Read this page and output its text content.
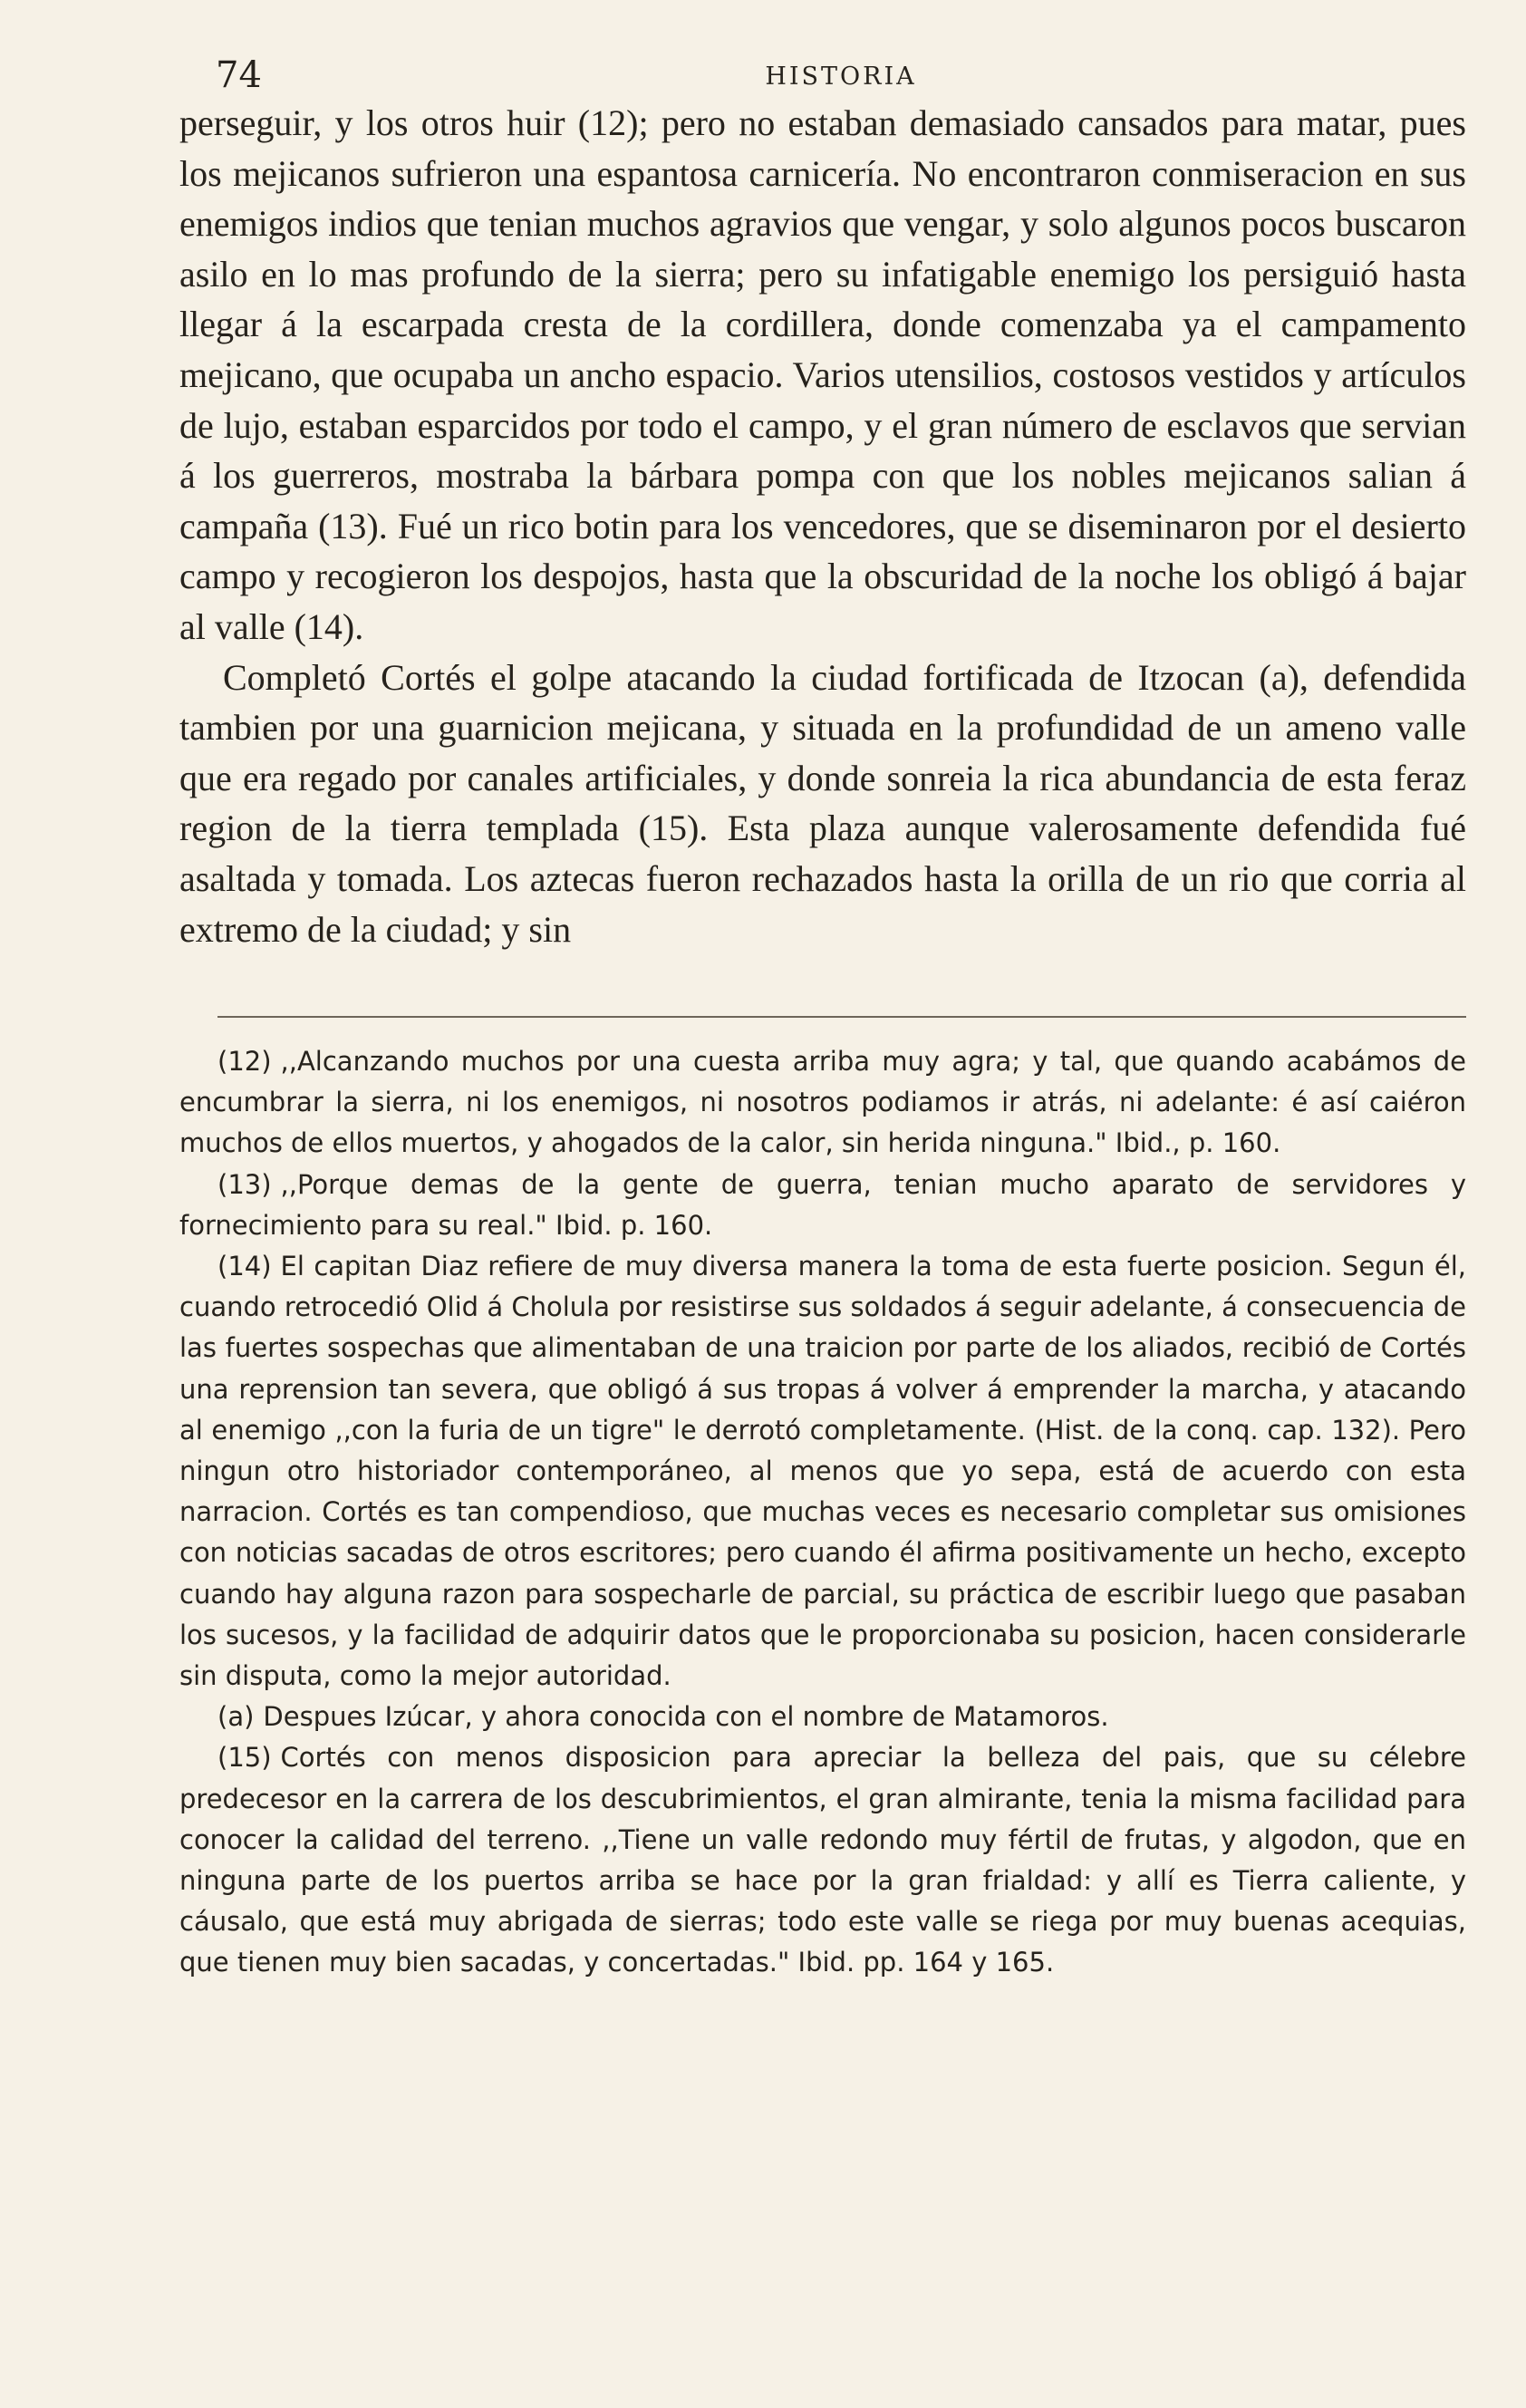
74	HISTORIA

perseguir, y los otros huir (12); pero no estaban demasiado cansados para matar, pues los mejicanos sufrieron una espantosa carnicería. No encontraron conmiseracion en sus enemigos indios que tenian muchos agravios que vengar, y solo algunos pocos buscaron asilo en lo mas profundo de la sierra; pero su infatigable enemigo los persiguió hasta llegar á la escarpada cresta de la cordillera, donde comenzaba ya el campamento mejicano, que ocupaba un ancho espacio. Varios utensilios, costosos vestidos y artículos de lujo, estaban esparcidos por todo el campo, y el gran número de esclavos que servian á los guerreros, mostraba la bárbara pompa con que los nobles mejicanos salian á campaña (13). Fué un rico botin para los vencedores, que se diseminaron por el desierto campo y recogieron los despojos, hasta que la obscuridad de la noche los obligó á bajar al valle (14).

Completó Cortés el golpe atacando la ciudad fortificada de Itzocan (a), defendida tambien por una guarnicion mejicana, y situada en la profundidad de un ameno valle que era regado por canales artificiales, y donde sonreia la rica abundancia de esta feraz region de la tierra templada (15). Esta plaza aunque valerosamente defendida fué asaltada y tomada. Los aztecas fueron rechazados hasta la orilla de un rio que corria al extremo de la ciudad; y sin

(12) ,,Alcanzando muchos por una cuesta arriba muy agra; y tal, que quando acabámos de encumbrar la sierra, ni los enemigos, ni nosotros podiamos ir atrás, ni adelante: é así caiéron muchos de ellos muertos, y ahogados de la calor, sin herida ninguna." Ibid., p. 160.

(13) ,,Porque demas de la gente de guerra, tenian mucho aparato de servidores y fornecimiento para su real." Ibid. p. 160.

(14) El capitan Diaz refiere de muy diversa manera la toma de esta fuerte posicion. Segun él, cuando retrocedió Olid á Cholula por resistirse sus soldados á seguir adelante, á consecuencia de las fuertes sospechas que alimentaban de una traicion por parte de los aliados, recibió de Cortés una reprension tan severa, que obligó á sus tropas á volver á emprender la marcha, y atacando al enemigo ,,con la furia de un tigre" le derrotó completamente. (Hist. de la conq. cap. 132). Pero ningun otro historiador contemporáneo, al menos que yo sepa, está de acuerdo con esta narracion. Cortés es tan compendioso, que muchas veces es necesario completar sus omisiones con noticias sacadas de otros escritores; pero cuando él afirma positivamente un hecho, excepto cuando hay alguna razon para sospecharle de parcial, su práctica de escribir luego que pasaban los sucesos, y la facilidad de adquirir datos que le proporcionaba su posicion, hacen considerarle sin disputa, como la mejor autoridad.

(a) Despues Izúcar, y ahora conocida con el nombre de Matamoros.

(15) Cortés con menos disposicion para apreciar la belleza del pais, que su célebre predecesor en la carrera de los descubrimientos, el gran almirante, tenia la misma facilidad para conocer la calidad del terreno. ,,Tiene un valle redondo muy fértil de frutas, y algodon, que en ninguna parte de los puertos arriba se hace por la gran frialdad: y allí es Tierra caliente, y cáusalo, que está muy abrigada de sierras; todo este valle se riega por muy buenas acequias, que tienen muy bien sacadas, y concertadas." Ibid. pp. 164 y 165.
